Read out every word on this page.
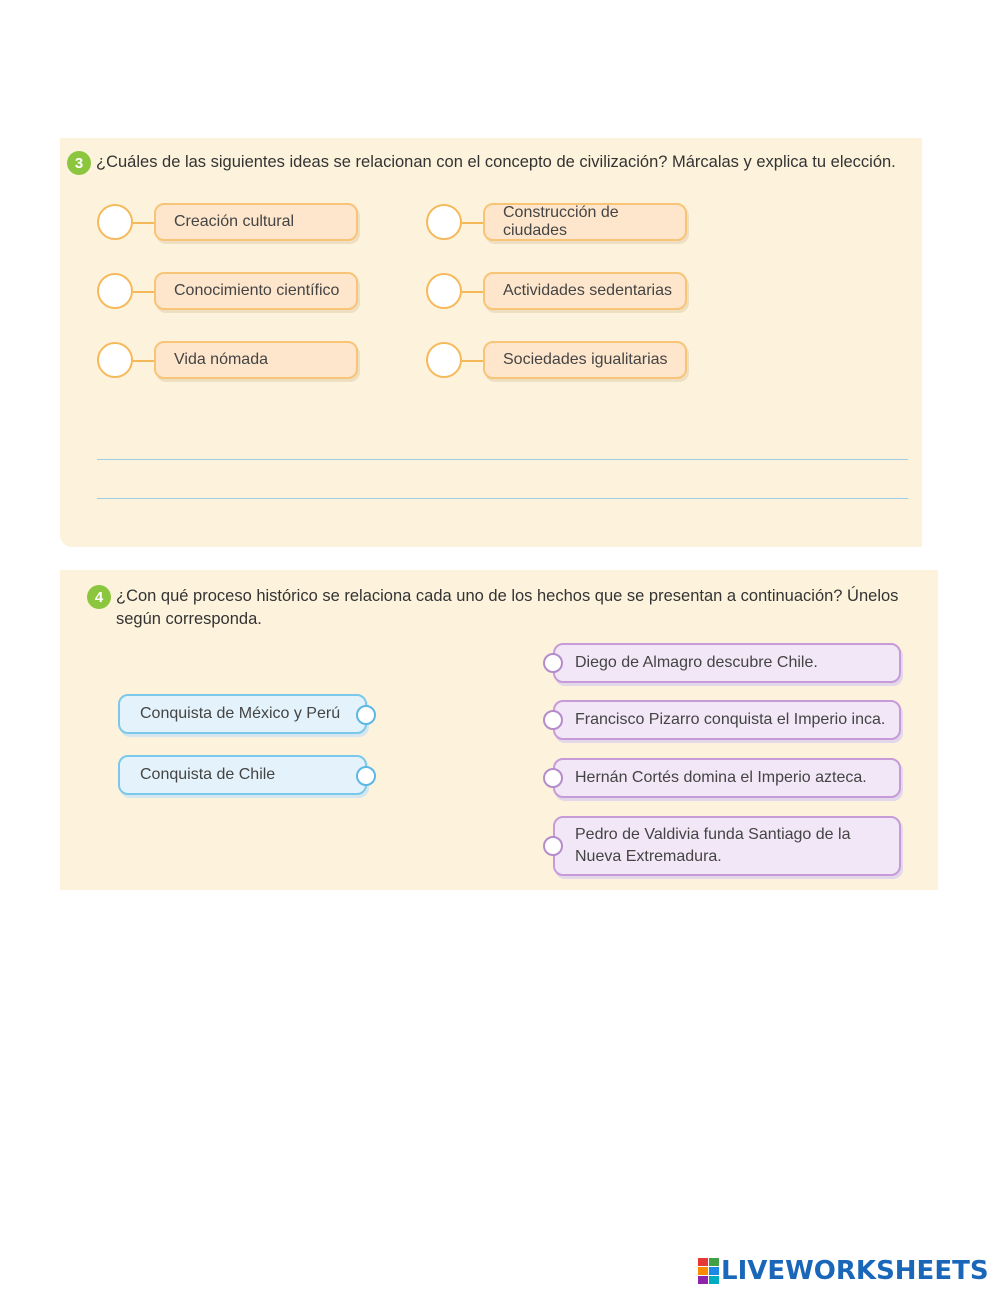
3 ¿Cuáles de las siguientes ideas se relacionan con el concepto de civilización? Márcalas y explica tu elección.
Creación cultural
Construcción de ciudades
Conocimiento científico	Actividades sedentarias
Vida nómada	Sociedades igualitarias
4 ¿Con qué proceso histórico se relaciona cada uno de los hechos que se presentan a continuación? Únelos
según corresponda.
Conquista de México y Perú
Conquista de Chile
Diego de Almagro descubre Chile.
Francisco Pizarro conquista el Imperio inca.
Hernán Cortés domina el Imperio azteca.
Pedro de Valdivia funda Santiago de la Nueva Extremadura.
LIVEWORKSHEETS
